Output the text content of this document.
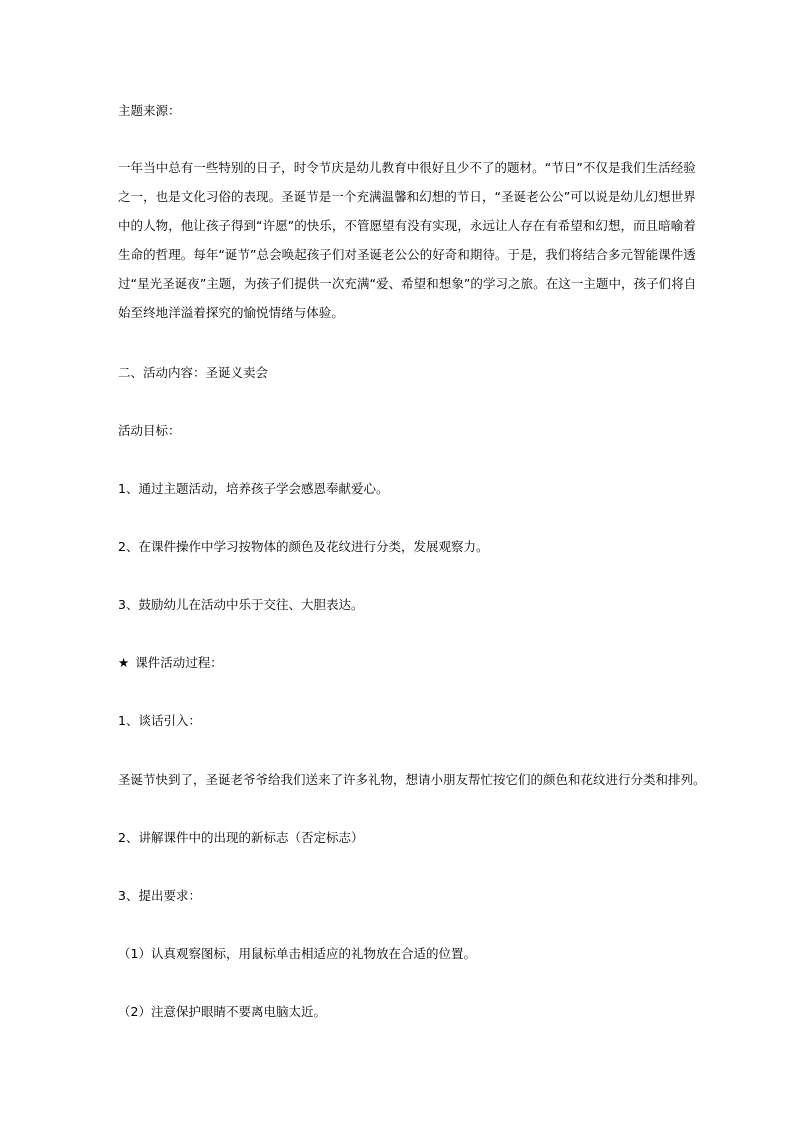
主题来源：
一年当中总有一些特别的日子，时令节庆是幼儿教育中很好且少不了的题材。“节日”不仅是我们生活经验
之一，也是文化习俗的表现。圣诞节是一个充满温馨和幻想的节日，“圣诞老公公”可以说是幼儿幻想世界
中的人物，他让孩子得到“许愿”的快乐，不管愿望有没有实现，永远让人存在有希望和幻想，而且暗喻着
生命的哲理。每年“诞节”总会唤起孩子们对圣诞老公公的好奇和期待。于是，我们将结合多元智能课件透
过“星光圣诞夜”主题，为孩子们提供一次充满“爱、希望和想象”的学习之旅。在这一主题中，孩子们将自
始至终地洋溢着探究的愉悦情绪与体验。
二、活动内容：圣诞义卖会
活动目标：
1、通过主题活动，培养孩子学会感恩奉献爱心。
2、在课件操作中学习按物体的颜色及花纹进行分类，发展观察力。
3、鼓励幼儿在活动中乐于交往、大胆表达。
★ 课件活动过程：
1、谈话引入：
圣诞节快到了，圣诞老爷爷给我们送来了许多礼物，想请小朋友帮忙按它们的颜色和花纹进行分类和排列。
2、讲解课件中的出现的新标志（否定标志）
3、提出要求：
（1）认真观察图标，用鼠标单击相适应的礼物放在合适的位置。
（2）注意保护眼睛不要离电脑太近。
